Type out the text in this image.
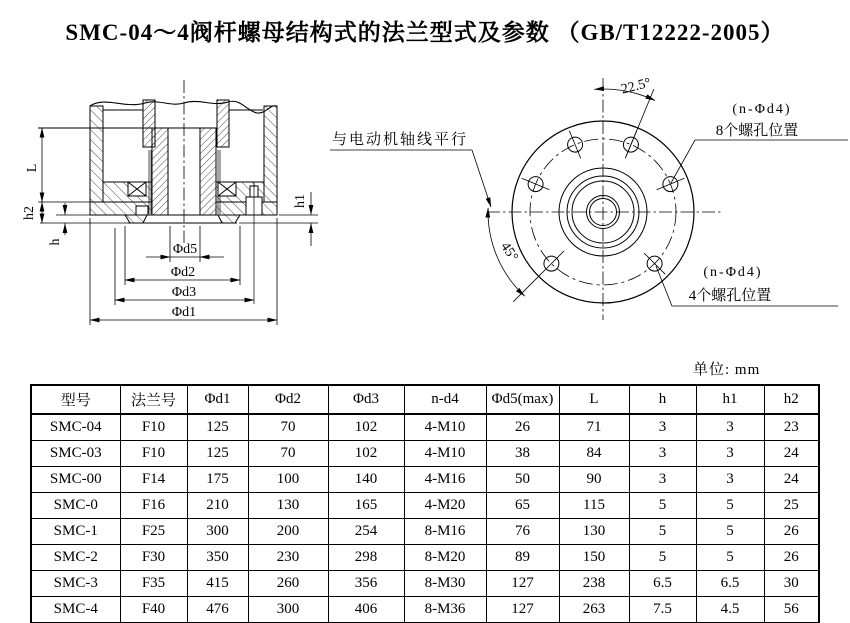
SMC-04～4阀杆螺母结构式的法兰型式及参数 （GB/T12222-2005）
L
h2
h
h1
Φd5
Φd2
Φd3
Φd1
22.5°
45°
与电动机轴线平行
(n-Φd4)
8个螺孔位置
(n-Φd4)
4个螺孔位置
单位: mm
型号	法兰号	Φd1	Φd2	Φd3	n-d4	Φd5(max)	L	h	h1	h2
SMC-04	F10	125	70	102	4-M10	26	71	3	3	23
SMC-03	F10	125	70	102	4-M10	38	84	3	3	24
SMC-00	F14	175	100	140	4-M16	50	90	3	3	24
SMC-0	F16	210	130	165	4-M20	65	115	5	5	25
SMC-1	F25	300	200	254	8-M16	76	130	5	5	26
SMC-2	F30	350	230	298	8-M20	89	150	5	5	26
SMC-3	F35	415	260	356	8-M30	127	238	6.5	6.5	30
SMC-4	F40	476	300	406	8-M36	127	263	7.5	4.5	56
